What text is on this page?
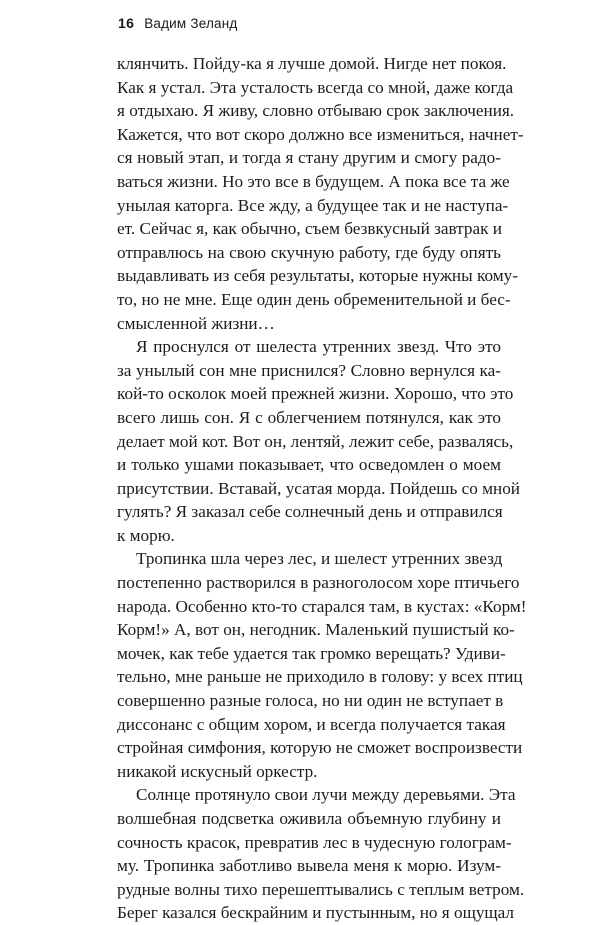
16 Вадим Зеланд
клянчить. Пойду-ка я лучше домой. Нигде нет покоя.
Как я устал. Эта усталость всегда со мной, даже когда
я отдыхаю. Я живу, словно отбываю срок заключения.
Кажется, что вот скоро должно все измениться, начнет-
ся новый этап, и тогда я стану другим и смогу радо-
ваться жизни. Но это все в будущем. А пока все та же
унылая каторга. Все жду, а будущее так и не наступа-
ет. Сейчас я, как обычно, съем безвкусный завтрак и
отправлюсь на свою скучную работу, где буду опять
выдавливать из себя результаты, которые нужны кому-
то, но не мне. Еще один день обременительной и бес-
смысленной жизни…
Я проснулся от шелеста утренних звезд. Что это
за унылый сон мне приснился? Словно вернулся ка-
кой-то осколок моей прежней жизни. Хорошо, что это
всего лишь сон. Я с облегчением потянулся, как это
делает мой кот. Вот он, лентяй, лежит себе, развалясь,
и только ушами показывает, что осведомлен о моем
присутствии. Вставай, усатая морда. Пойдешь со мной
гулять? Я заказал себе солнечный день и отправился
к морю.
Тропинка шла через лес, и шелест утренних звезд
постепенно растворился в разноголосом хоре птичьего
народа. Особенно кто-то старался там, в кустах: «Корм!
Корм!» А, вот он, негодник. Маленький пушистый ко-
мочек, как тебе удается так громко верещать? Удиви-
тельно, мне раньше не приходило в голову: у всех птиц
совершенно разные голоса, но ни один не вступает в
диссонанс с общим хором, и всегда получается такая
стройная симфония, которую не сможет воспроизвести
никакой искусный оркестр.
Солнце протянуло свои лучи между деревьями. Эта
волшебная подсветка оживила объемную глубину и
сочность красок, превратив лес в чудесную голограм-
му. Тропинка заботливо вывела меня к морю. Изум-
рудные волны тихо перешептывались с теплым ветром.
Берег казался бескрайним и пустынным, но я ощущал
